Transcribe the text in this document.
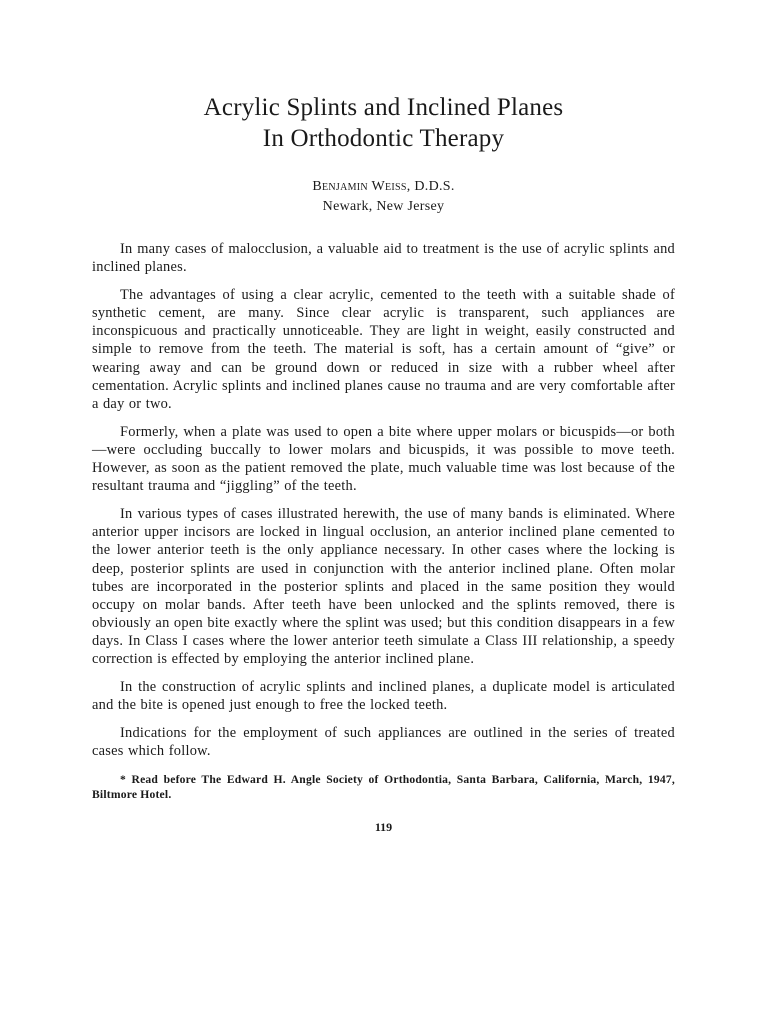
Acrylic Splints and Inclined Planes
In Orthodontic Therapy
Benjamin Weiss, D.D.S.
Newark, New Jersey

In many cases of malocclusion, a valuable aid to treatment is the use of acrylic splints and inclined planes.

The advantages of using a clear acrylic, cemented to the teeth with a suitable shade of synthetic cement, are many. Since clear acrylic is transparent, such appliances are inconspicuous and practically unnoticeable. They are light in weight, easily constructed and simple to remove from the teeth. The material is soft, has a certain amount of “give” or wearing away and can be ground down or reduced in size with a rubber wheel after cementation. Acrylic splints and inclined planes cause no trauma and are very comfortable after a day or two.

Formerly, when a plate was used to open a bite where upper molars or bicuspids—or both—were occluding buccally to lower molars and bicuspids, it was possible to move teeth. However, as soon as the patient removed the plate, much valuable time was lost because of the resultant trauma and “jiggling” of the teeth.

In various types of cases illustrated herewith, the use of many bands is eliminated. Where anterior upper incisors are locked in lingual occlusion, an anterior inclined plane cemented to the lower anterior teeth is the only appliance necessary. In other cases where the locking is deep, posterior splints are used in conjunction with the anterior inclined plane. Often molar tubes are incorporated in the posterior splints and placed in the same position they would occupy on molar bands. After teeth have been unlocked and the splints removed, there is obviously an open bite exactly where the splint was used; but this condition disappears in a few days. In Class I cases where the lower anterior teeth simulate a Class III relationship, a speedy correction is effected by employing the anterior inclined plane.

In the construction of acrylic splints and inclined planes, a duplicate model is articulated and the bite is opened just enough to free the locked teeth.

Indications for the employment of such appliances are outlined in the series of treated cases which follow.

* Read before The Edward H. Angle Society of Orthodontia, Santa Barbara, California, March, 1947, Biltmore Hotel.
119
